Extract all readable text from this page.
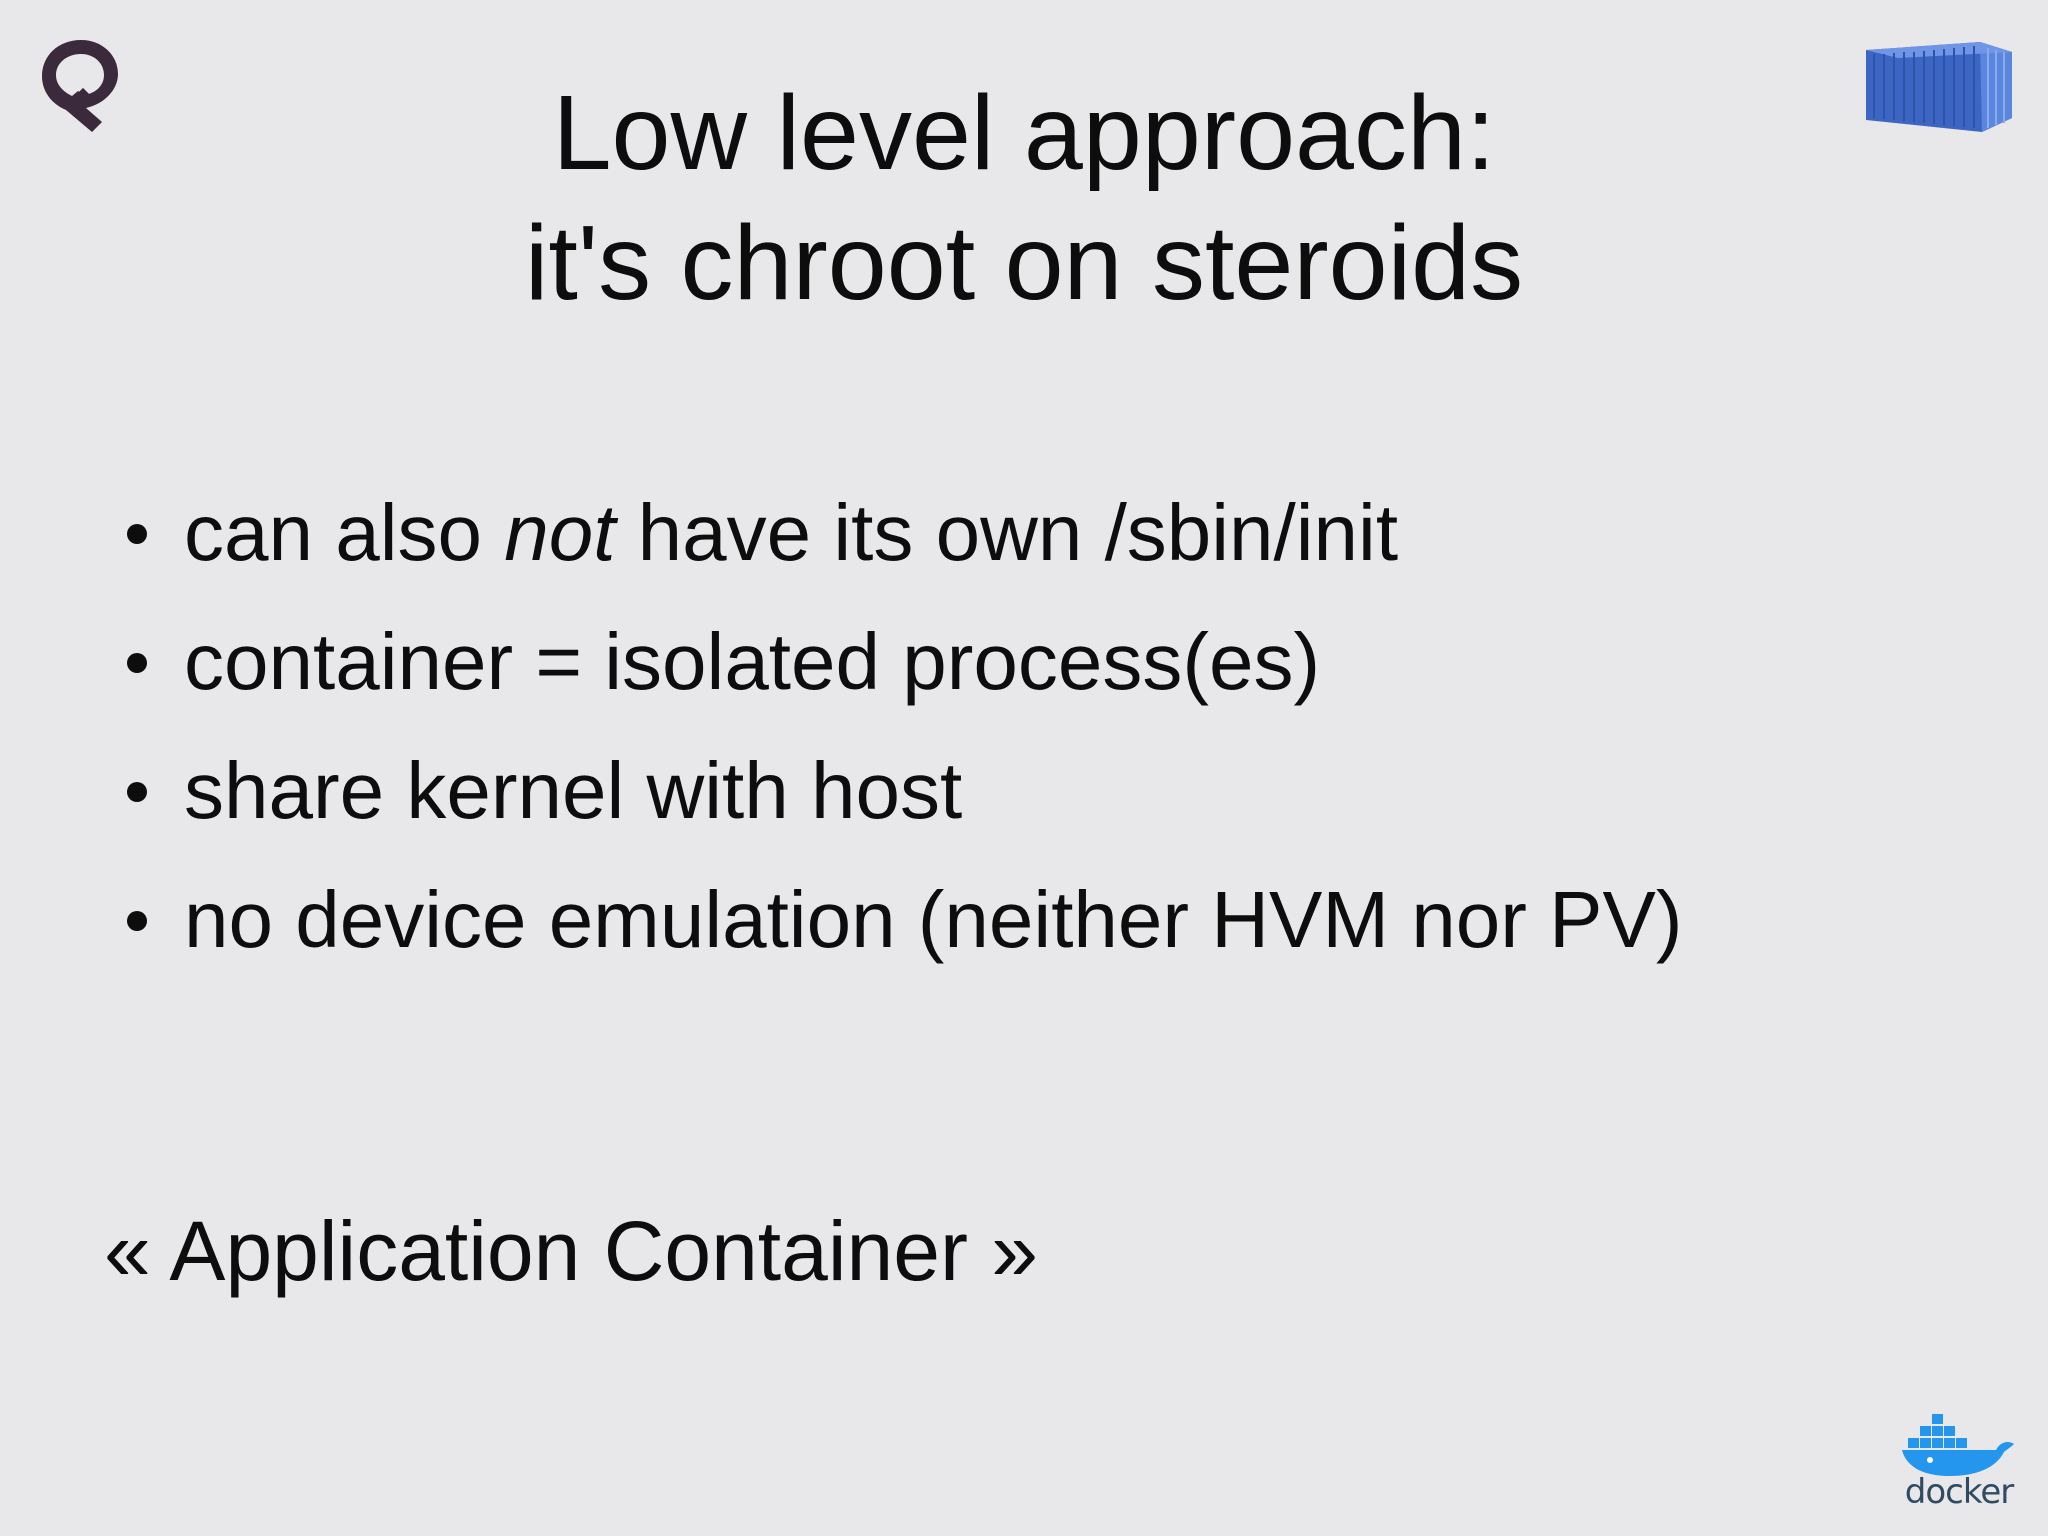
Low level approach:
it's chroot on steroids
can also not have its own /sbin/init
container = isolated process(es)
share kernel with host
no device emulation (neither HVM nor PV)
« Application Container »
docker
